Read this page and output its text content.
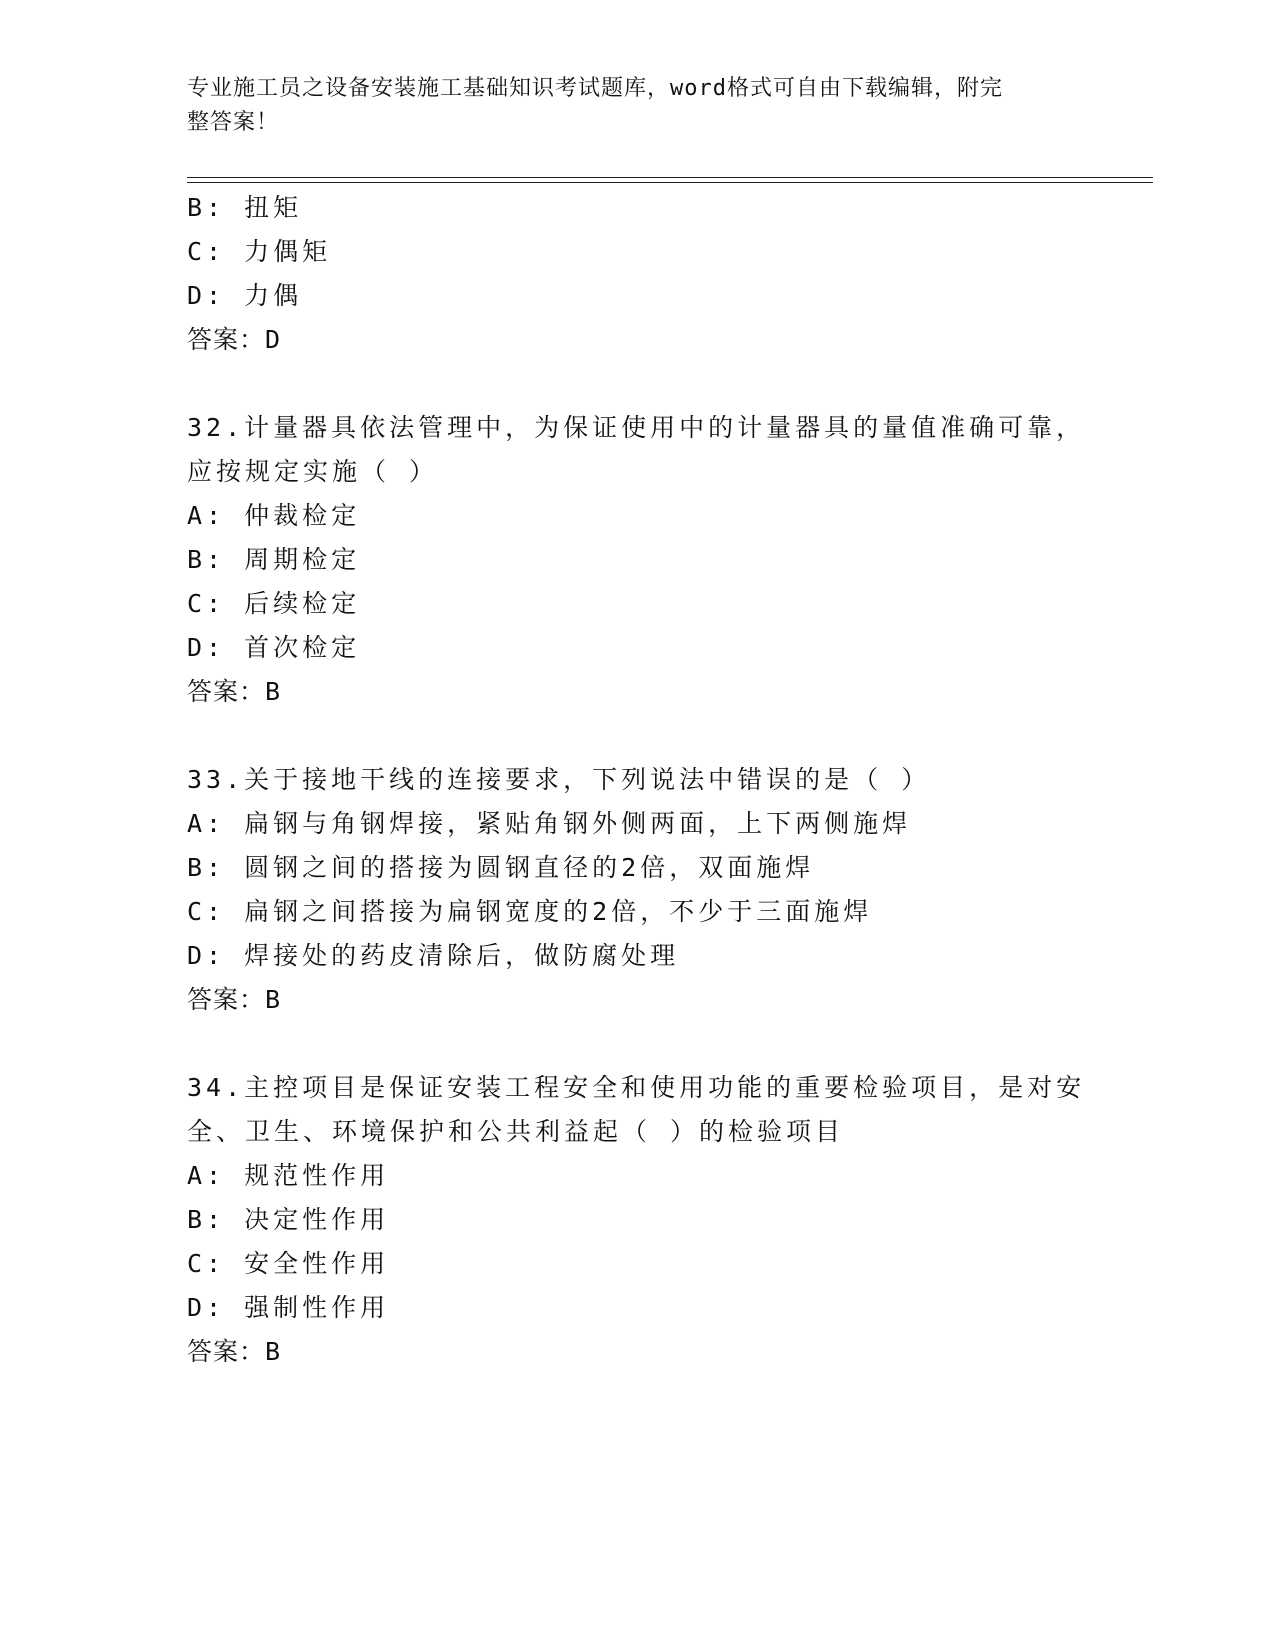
专业施工员之设备安装施工基础知识考试题库，word格式可自由下载编辑，附完
整答案！
B: 扭矩
C: 力偶矩
D: 力偶
答案：D
32.计量器具依法管理中，为保证使用中的计量器具的量值准确可靠，
应按规定实施（ ）
A: 仲裁检定
B: 周期检定
C: 后续检定
D: 首次检定
答案：B
33.关于接地干线的连接要求，下列说法中错误的是（ ）
A: 扁钢与角钢焊接，紧贴角钢外侧两面，上下两侧施焊
B: 圆钢之间的搭接为圆钢直径的2倍，双面施焊
C: 扁钢之间搭接为扁钢宽度的2倍，不少于三面施焊
D: 焊接处的药皮清除后，做防腐处理
答案：B
34.主控项目是保证安装工程安全和使用功能的重要检验项目，是对安
全、卫生、环境保护和公共利益起（ ）的检验项目
A: 规范性作用
B: 决定性作用
C: 安全性作用
D: 强制性作用
答案：B
